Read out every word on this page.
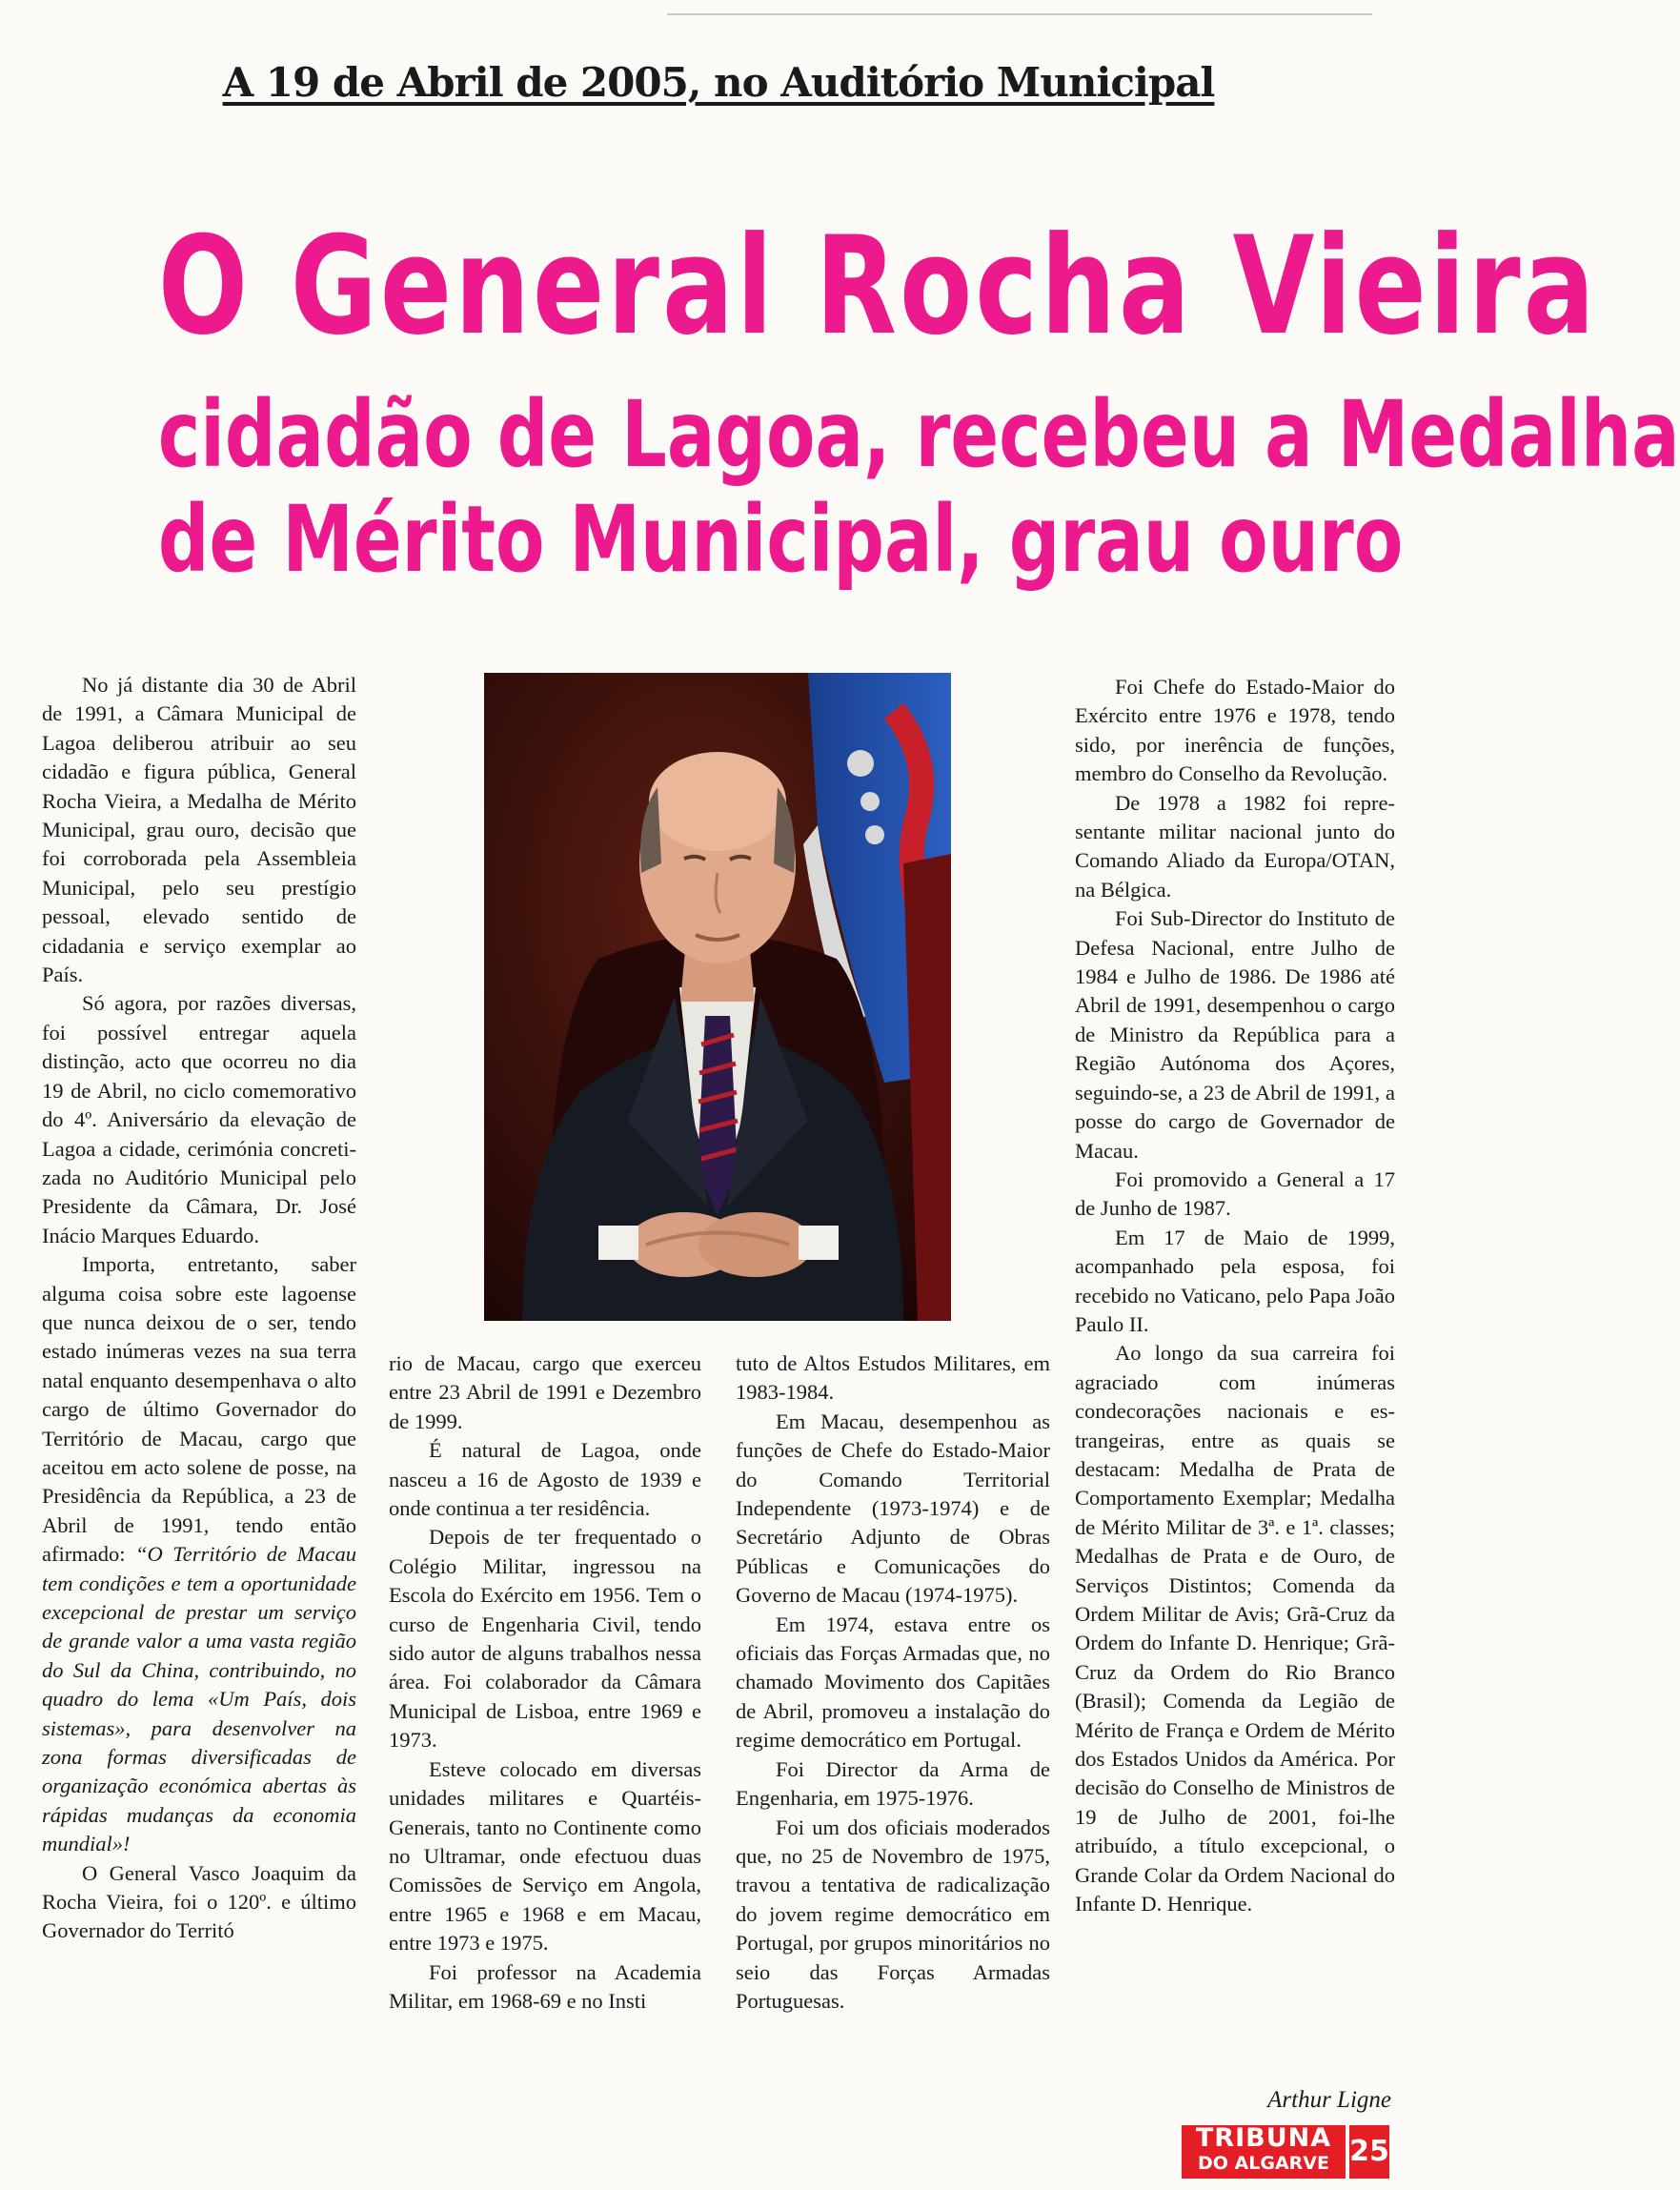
A 19 de Abril de 2005, no Auditório Municipal
O General Rocha Vieira
cidadão de Lagoa, recebeu a Medalha
de Mérito Municipal, grau ouro

No já distante dia 30 de Abril de 1991, a Câmara Municipal de Lagoa deliberou atribuir ao seu cidadão e figura pública, General Rocha Vieira, a Medalha de Mérito Municipal, grau ouro, decisão que foi corroborada pela Assembleia Municipal, pelo seu prestígio pessoal, elevado sentido de cidadania e serviço exemplar ao País.

Só agora, por razões diversas, foi possível entregar aquela distinção, acto que ocorreu no dia 19 de Abril, no ciclo comemorativo do 4º. Aniversário da elevação de Lagoa a cidade, cerimónia concretizada no Auditório Municipal pelo Presidente da Câmara, Dr. José Inácio Marques Eduardo.

Importa, entretanto, saber alguma coisa sobre este lagoense que nunca deixou de o ser, tendo estado inúmeras vezes na sua terra natal enquanto desempenhava o alto cargo de último Governador do Território de Macau, cargo que aceitou em acto solene de posse, na Presidência da República, a 23 de Abril de 1991, tendo então afirmado: “O Território de Macau tem condições e tem a oportunidade excepcional de prestar um serviço de grande valor a uma vasta região do Sul da China, contribuindo, no quadro do lema «Um País, dois sistemas», para desenvolver na zona formas diversificadas de organização económica abertas às rápidas mudanças da economia mundial»!

O General Vasco Joaquim da Rocha Vieira, foi o 120º. e último Governador do Territó

rio de Macau, cargo que exerceu entre 23 Abril de 1991 e Dezembro de 1999.

É natural de Lagoa, onde nasceu a 16 de Agosto de 1939 e onde continua a ter residência.

Depois de ter frequentado o Colégio Militar, ingressou na Escola do Exército em 1956. Tem o curso de Engenharia Civil, tendo sido autor de alguns trabalhos nessa área. Foi colaborador da Câmara Municipal de Lisboa, entre 1969 e 1973.

Esteve colocado em diversas unidades militares e Quartéis-Generais, tanto no Continente como no Ultramar, onde efectuou duas Comissões de Serviço em Angola, entre 1965 e 1968 e em Macau, entre 1973 e 1975.

Foi professor na Academia Militar, em 1968-69 e no Insti

tuto de Altos Estudos Militares, em 1983-1984.

Em Macau, desempenhou as funções de Chefe do Estado-Maior do Comando Territorial Independente (1973-1974) e de Secretário Adjunto de Obras Públicas e Comunicações do Governo de Macau (1974-1975).

Em 1974, estava entre os oficiais das Forças Armadas que, no chamado Movimento dos Capitães de Abril, promoveu a instalação do regime democrático em Portugal.

Foi Director da Arma de Engenharia, em 1975-1976.

Foi um dos oficiais moderados que, no 25 de Novembro de 1975, travou a tentativa de radicalização do jovem regime democrático em Portugal, por grupos minoritários no seio das Forças Armadas Portuguesas.

Foi Chefe do Estado-Maior do Exército entre 1976 e 1978, tendo sido, por inerência de funções, membro do Conselho da Revolução.

De 1978 a 1982 foi representante militar nacional junto do Comando Aliado da Europa/OTAN, na Bélgica.

Foi Sub-Director do Instituto de Defesa Nacional, entre Julho de 1984 e Julho de 1986. De 1986 até Abril de 1991, desempenhou o cargo de Ministro da República para a Região Autónoma dos Açores, seguindo-se, a 23 de Abril de 1991, a posse do cargo de Governador de Macau.

Foi promovido a General a 17 de Junho de 1987.

Em 17 de Maio de 1999, acompanhado pela esposa, foi recebido no Vaticano, pelo Papa João Paulo II.

Ao longo da sua carreira foi agraciado com inúmeras condecorações nacionais e estrangeiras, entre as quais se destacam: Medalha de Prata de Comportamento Exemplar; Medalha de Mérito Militar de 3ª. e 1ª. classes; Medalhas de Prata e de Ouro, de Serviços Distintos; Comenda da Ordem Militar de Avis; Grã-Cruz da Ordem do Infante D. Henrique; Grã-Cruz da Ordem do Rio Branco (Brasil); Comenda da Legião de Mérito de França e Ordem de Mérito dos Estados Unidos da América. Por decisão do Conselho de Ministros de 19 de Julho de 2001, foi-lhe atribuído, a título excepcional, o Grande Colar da Ordem Nacional do Infante D. Henrique.

Arthur Ligne
TRIBUNA
DO ALGARVE 25
